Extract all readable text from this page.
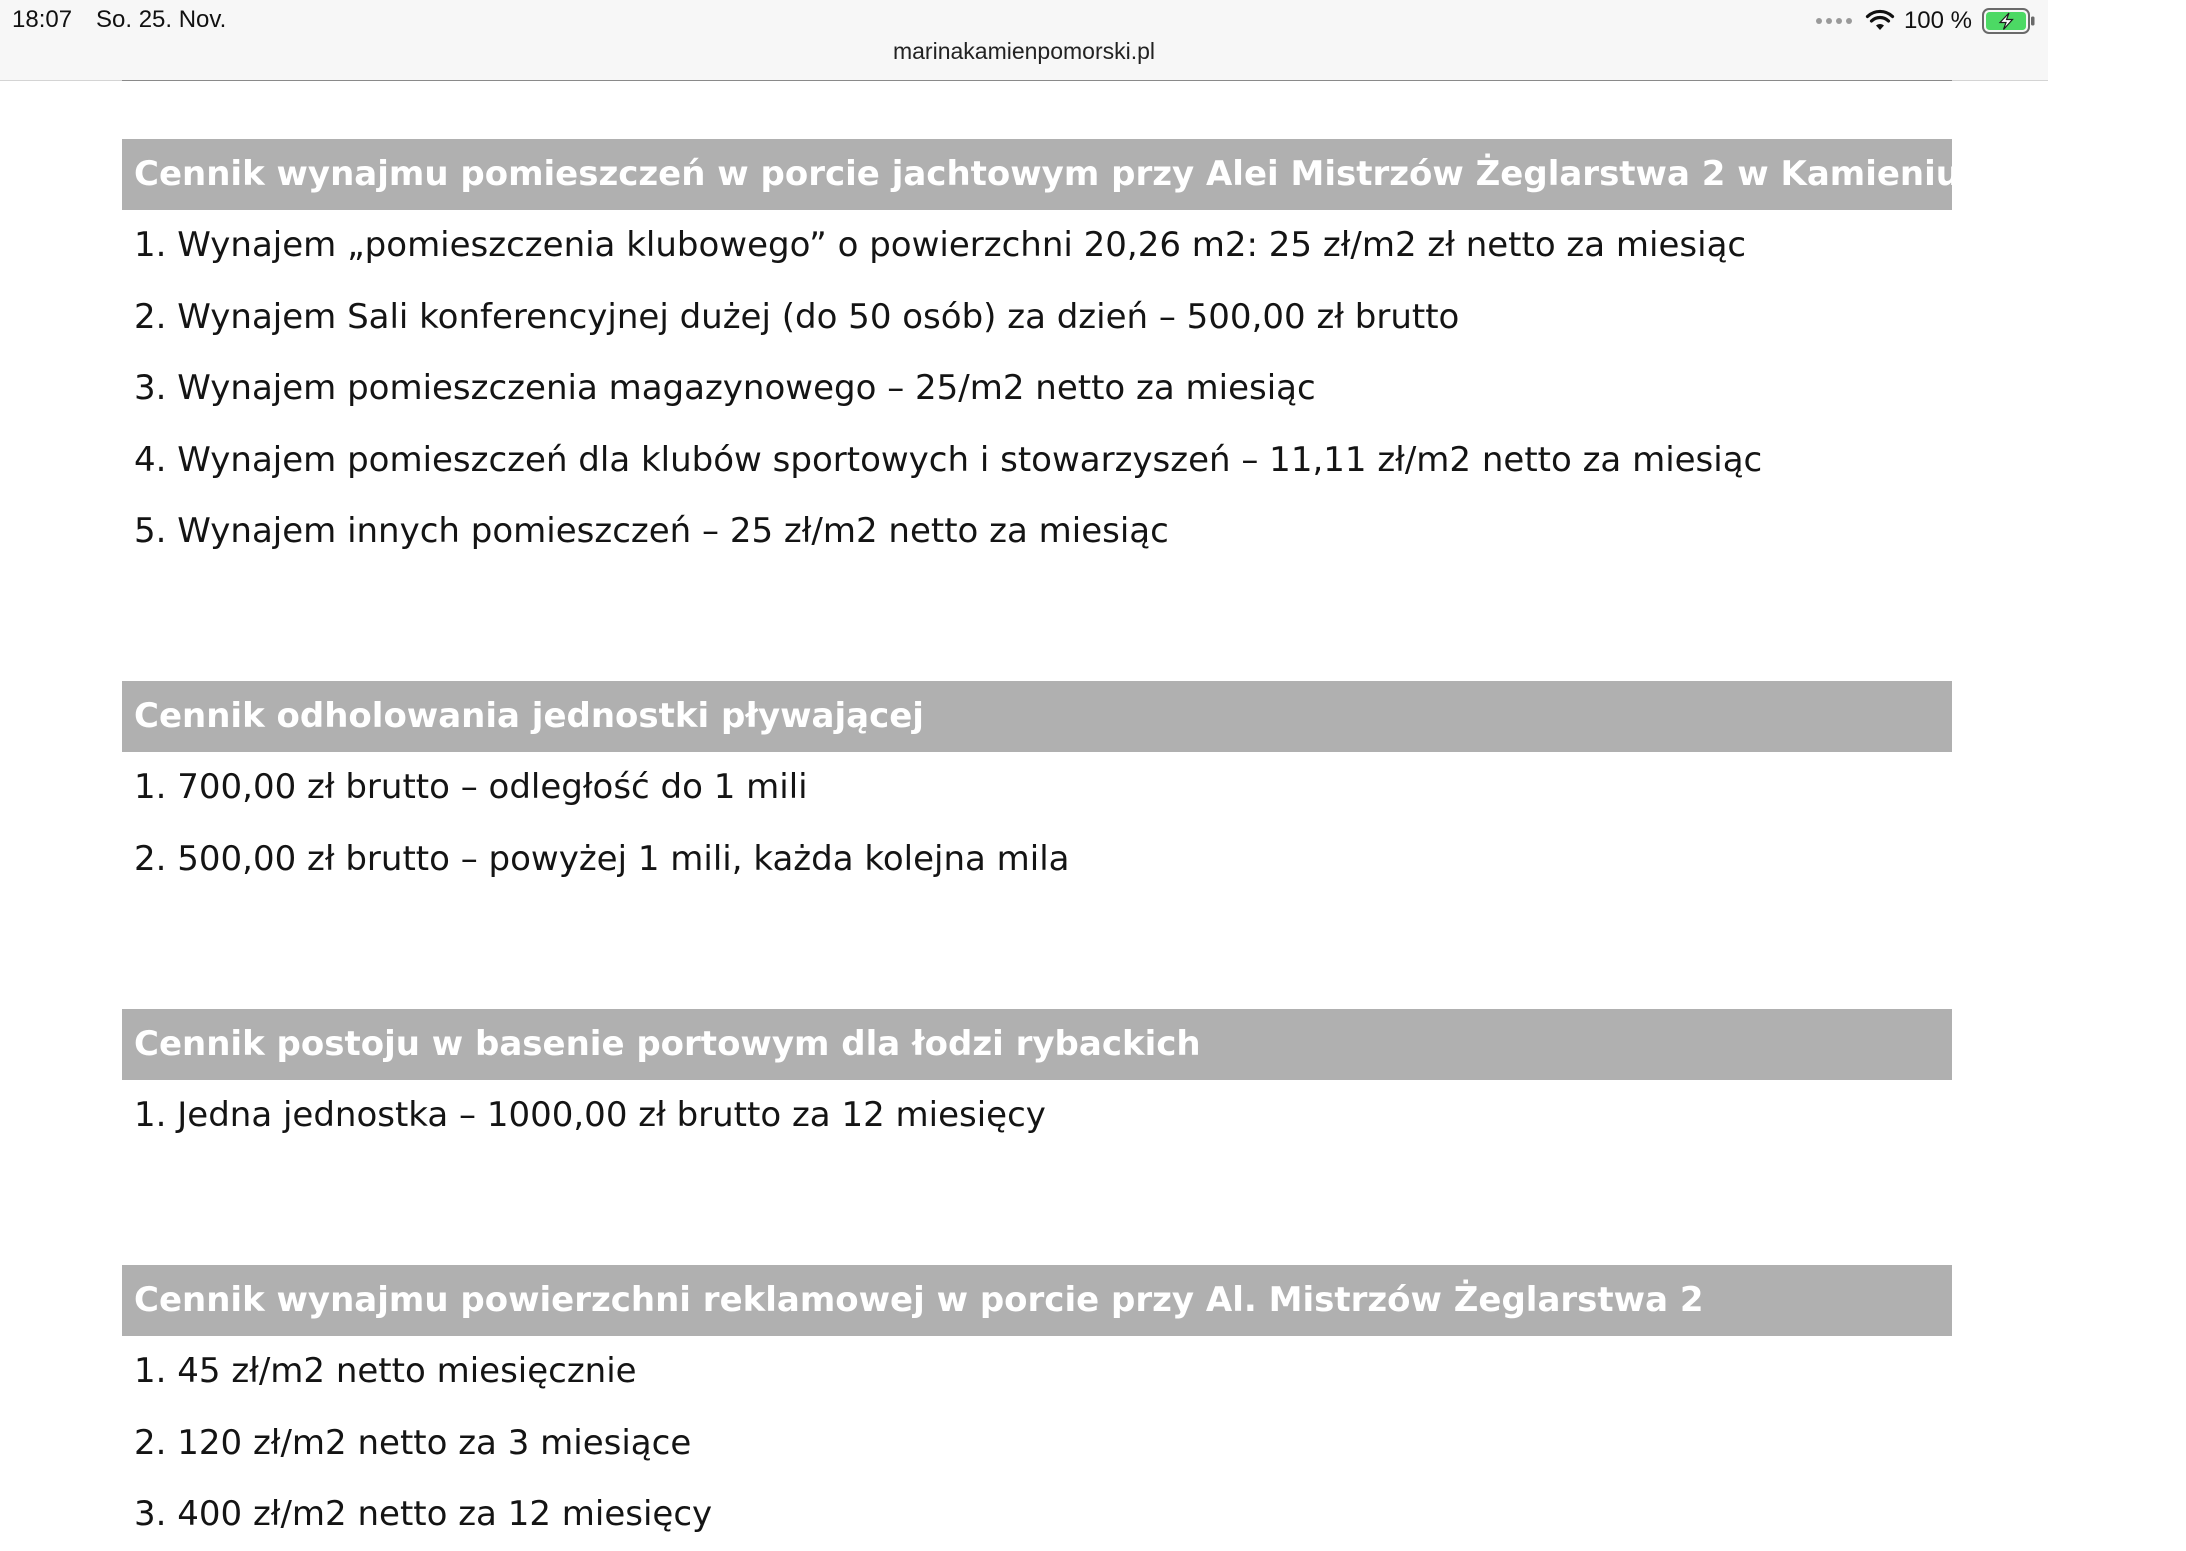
18:07 So. 25. Nov.	100 %
marinakamienpomorski.pl
Cennik wynajmu pomieszczeń w porcie jachtowym przy Alei Mistrzów Żeglarstwa 2 w Kamieniu Pomorskim
1. Wynajem „pomieszczenia klubowego” o powierzchni 20,26 m2: 25 zł/m2 zł netto za miesiąc
2. Wynajem Sali konferencyjnej dużej (do 50 osób) za dzień – 500,00 zł brutto
3. Wynajem pomieszczenia magazynowego – 25/m2 netto za miesiąc
4. Wynajem pomieszczeń dla klubów sportowych i stowarzyszeń – 11,11 zł/m2 netto za miesiąc
5. Wynajem innych pomieszczeń – 25 zł/m2 netto za miesiąc
Cennik odholowania jednostki pływającej
1. 700,00 zł brutto – odległość do 1 mili
2. 500,00 zł brutto – powyżej 1 mili, każda kolejna mila
Cennik postoju w basenie portowym dla łodzi rybackich
1. Jedna jednostka – 1000,00 zł brutto za 12 miesięcy
Cennik wynajmu powierzchni reklamowej w porcie przy Al. Mistrzów Żeglarstwa 2
1. 45 zł/m2 netto miesięcznie
2. 120 zł/m2 netto za 3 miesiące
3. 400 zł/m2 netto za 12 miesięcy
